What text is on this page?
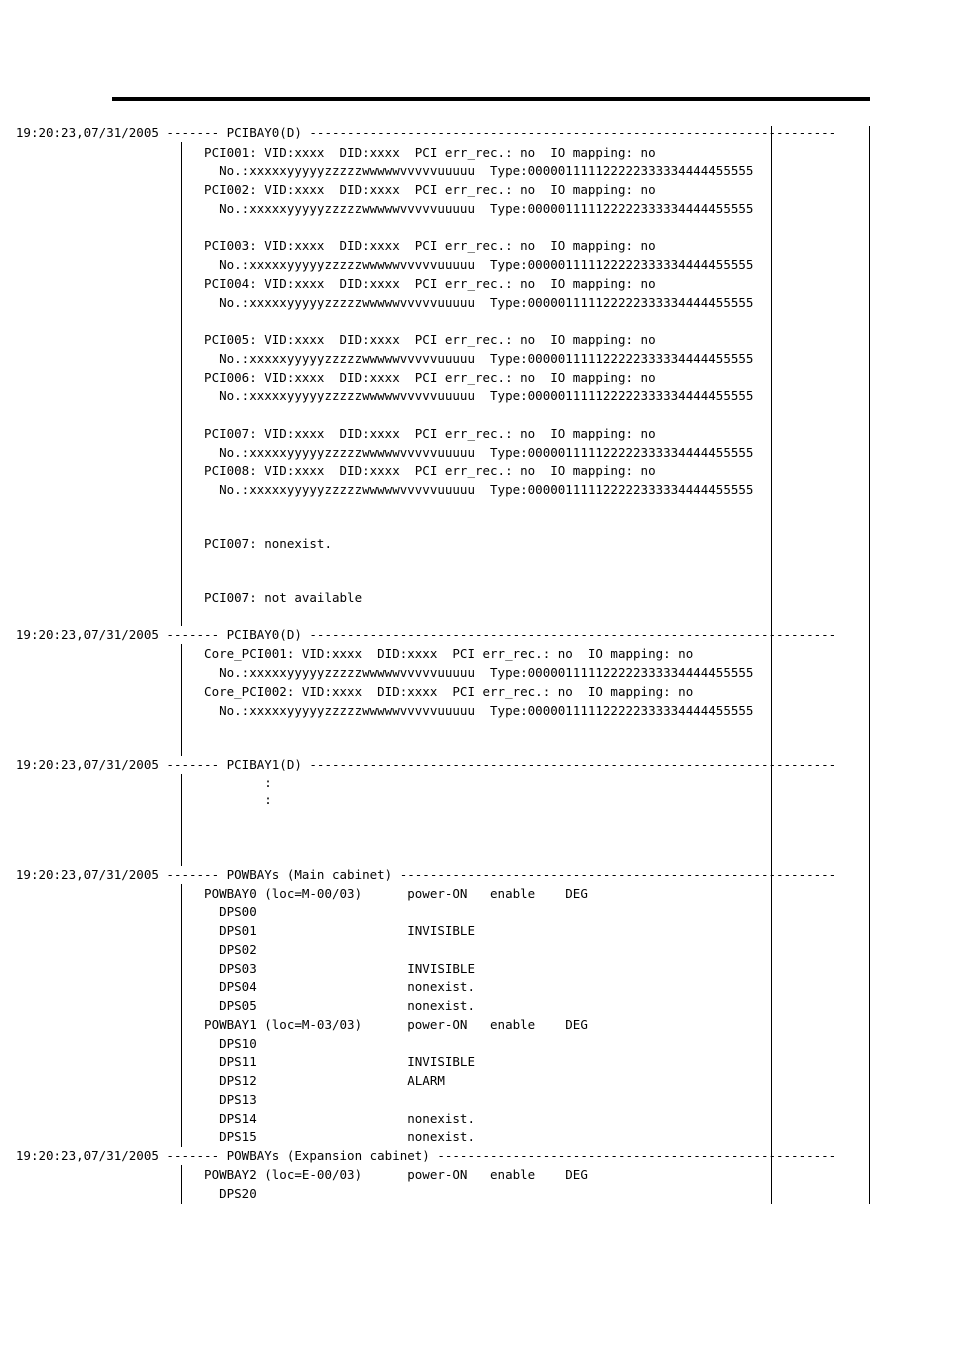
---- PCIBAY0(D) ----------------------------------------------------------------------
19:20:23,07/31/2005 ---
PCI001: VID:xxxx  DID:xxxx  PCI err_rec.: no  IO mapping: no
No.:xxxxxyyyyyzzzzzwwwwwvvvvvuuuuu  Type:000001111122222333334444455555
PCI002: VID:xxxx  DID:xxxx  PCI err_rec.: no  IO mapping: no
No.:xxxxxyyyyyzzzzzwwwwwvvvvvuuuuu  Type:000001111122222333334444455555
PCI003: VID:xxxx  DID:xxxx  PCI err_rec.: no  IO mapping: no
No.:xxxxxyyyyyzzzzzwwwwwvvvvvuuuuu  Type:000001111122222333334444455555
PCI004: VID:xxxx  DID:xxxx  PCI err_rec.: no  IO mapping: no
No.:xxxxxyyyyyzzzzzwwwwwvvvvvuuuuu  Type:000001111122222333334444455555
PCI005: VID:xxxx  DID:xxxx  PCI err_rec.: no  IO mapping: no
No.:xxxxxyyyyyzzzzzwwwwwvvvvvuuuuu  Type:000001111122222333334444455555
PCI006: VID:xxxx  DID:xxxx  PCI err_rec.: no  IO mapping: no
No.:xxxxxyyyyyzzzzzwwwwwvvvvvuuuuu  Type:000001111122222333334444455555
PCI007: VID:xxxx  DID:xxxx  PCI err_rec.: no  IO mapping: no
No.:xxxxxyyyyyzzzzzwwwwwvvvvvuuuuu  Type:000001111122222333334444455555
PCI008: VID:xxxx  DID:xxxx  PCI err_rec.: no  IO mapping: no
No.:xxxxxyyyyyzzzzzwwwwwvvvvvuuuuu  Type:000001111122222333334444455555
PCI007: nonexist.
PCI007: not available
---- PCIBAY0(D) ----------------------------------------------------------------------
19:20:23,07/31/2005 ---
Core_PCI001: VID:xxxx  DID:xxxx  PCI err_rec.: no  IO mapping: no
No.:xxxxxyyyyyzzzzzwwwwwvvvvvuuuuu  Type:000001111122222333334444455555
Core_PCI002: VID:xxxx  DID:xxxx  PCI err_rec.: no  IO mapping: no
No.:xxxxxyyyyyzzzzzwwwwwvvvvvuuuuu  Type:000001111122222333334444455555
---- PCIBAY1(D) ----------------------------------------------------------------------
19:20:23,07/31/2005 ---
:
:
---- POWBAYs (Main cabinet) ----------------------------------------------------------
19:20:23,07/31/2005 ---
POWBAY0 (loc=M-00/03)      power-ON   enable    DEG
DPS00
DPS01                    INVISIBLE
DPS02
DPS03                    INVISIBLE
DPS04                    nonexist.
DPS05                    nonexist.
POWBAY1 (loc=M-03/03)      power-ON   enable    DEG
DPS10
DPS11                    INVISIBLE
DPS12                    ALARM
DPS13
DPS14                    nonexist.
DPS15                    nonexist.
---- POWBAYs (Expansion cabinet) -----------------------------------------------------
19:20:23,07/31/2005 ---
POWBAY2 (loc=E-00/03)      power-ON   enable    DEG
DPS20
